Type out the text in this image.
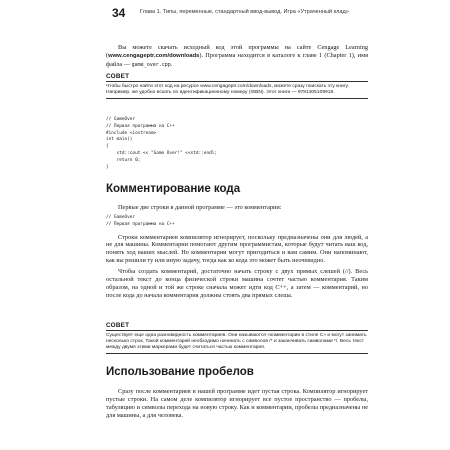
34	Глава 1. Типы, переменные, стандартный ввод-вывод. Игра «Утраченный клад»

Вы можете скачать исходный код этой программы на сайте Cengage Learning (www.cengageptr.com/downloads). Программа находится в каталоге к главе 1 (Chapter 1), имя файла — game_over.cpp.

СОВЕТ

Чтобы быстро найти этот код на ресурсе www.cengageptr.com/downloads, можете сразу поискать эту книгу. Например, же удобно искать по идентификационному номеру (ISBN). Этот книги — 9781305109919.

// GameOver
// Первая программа на C++
#include <iostream>
int main()
{
std::cout << "Game Over!" <<std::endl;
return 0;
}
Комментирование кода

Первые две строки в данной программе — это комментарии:

// GameOver
// Первая программа на C++

Строки комментариев компилятор игнорирует, поскольку предназначены они для людей, а не для машины. Комментарии помогают другим программистам, которые будут читать ваш код, понять ход ваших мыслей. Но комментарии могут пригодиться и вам самим. Они напоминают, как вы решили ту или иную задачу, тогда как ко кода это может быть неочевидно.

Чтобы создать комментарий, достаточно начать строку с двух прямых слешей (//). Весь остальной текст до конца физической строки машина сочтет частью комментария. Таким образом, на одной и той же строке сначала может идти код C++, а затем — комментарий, но после кода до начала комментария должны стоять два прямых слеша.

СОВЕТ

Существует еще одна разновидность комментариев. Они называются «комментарии в стиле С» и могут занимать несколько строк. Такой комментарий необходимо начинать с символов /* и заканчивать символами */. Весь текст между двумя этими маркерами будет считаться частью комментария.

Использование пробелов

Сразу после комментариев в нашей программе идет пустая строка. Компилятор игнорирует пустые строки. На самом деле компилятор игнорирует все пустое пространство — пробелы, табуляцию и символы перехода на новую строку. Как и комментарии, пробелы предназначены не для машины, а для человека.
